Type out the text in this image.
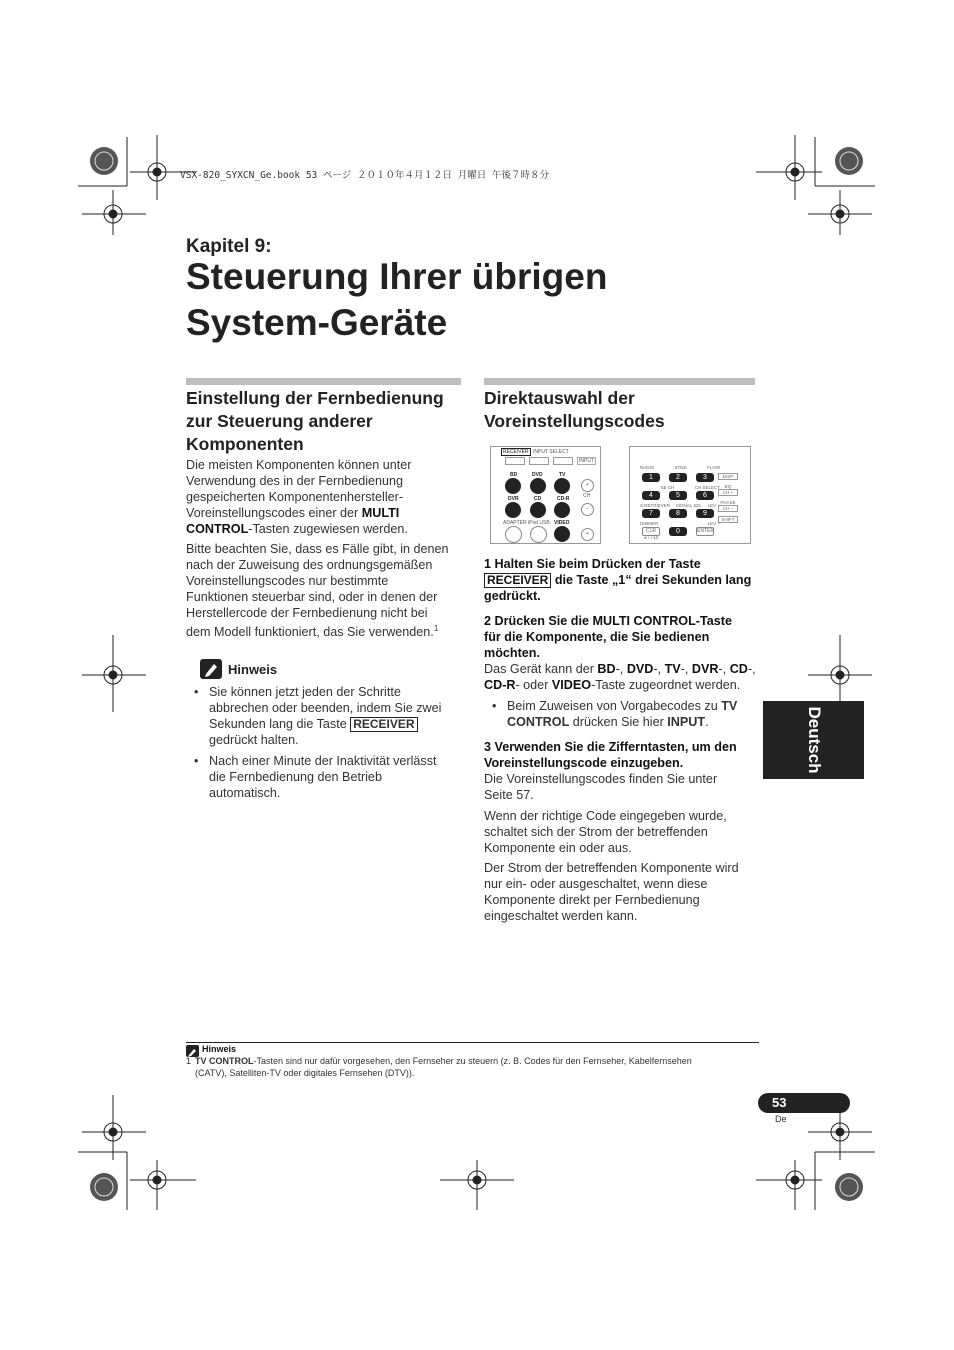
VSX-820_SYXCN_Ge.book 53 ページ ２０１０年４月１２日 月曜日 午後７時８分
Kapitel 9:
Steuerung Ihrer übrigen
System-Geräte
Einstellung der Fernbedienung
zur Steuerung anderer
Komponenten
Die meisten Komponenten können unter
Verwendung des in der Fernbedienung
gespeicherten Komponentenhersteller-
Voreinstellungscodes einer der MULTI
CONTROL-Tasten zugewiesen werden.
Bitte beachten Sie, dass es Fälle gibt, in denen
nach der Zuweisung des ordnungsgemäßen
Voreinstellungscodes nur bestimmte
Funktionen steuerbar sind, oder in denen der
Herstellercode der Fernbedienung nicht bei
dem Modell funktioniert, das Sie verwenden.$^1$
Hinweis
• Sie können jetzt jeden der Schritte
abbrechen oder beenden, indem Sie zwei
Sekunden lang die Taste RECEIVER
gedrückt halten.
• Nach einer Minute der Inaktivität verlässt
die Fernbedienung den Betrieb
automatisch.
Direktauswahl der
Voreinstellungscodes
RECEIVER INPUT SELECT
INPUT
BD	DVD	TV
DVR	CD	CD-R
ADAPTER iPod USB VIDEO
+
CH
−
+
RADIO	STND	FLOW
1	2	3
SB CH	CH SELECT
4	5	6
S.RETRIEVER SIGNAL SEL LEV +
7	8	9
DIMMER	LEV −
CLR	0	ENTER
ø / +10
DISP
EQ
CH +
PHASE
CH −
SHIFT
1 Halten Sie beim Drücken der Taste
RECEIVER die Taste „1“ drei Sekunden lang
gedrückt.
2 Drücken Sie die MULTI CONTROL-Taste
für die Komponente, die Sie bedienen
möchten.
Das Gerät kann der BD-, DVD-, TV-, DVR-, CD-,
CD-R- oder VIDEO-Taste zugeordnet werden.
• Beim Zuweisen von Vorgabecodes zu TV
CONTROL drücken Sie hier INPUT.
3 Verwenden Sie die Zifferntasten, um den
Voreinstellungscode einzugeben.
Die Voreinstellungscodes finden Sie unter
Seite 57.
Wenn der richtige Code eingegeben wurde,
schaltet sich der Strom der betreffenden
Komponente ein oder aus.
Der Strom der betreffenden Komponente wird
nur ein- oder ausgeschaltet, wenn diese
Komponente direkt per Fernbedienung
eingeschaltet werden kann.
Deutsch
Hinweis
1 TV CONTROL-Tasten sind nur dafür vorgesehen, den Fernseher zu steuern (z. B. Codes für den Fernseher, Kabelfernsehen
(CATV), Satelliten-TV oder digitales Fernsehen (DTV)).
53
De
